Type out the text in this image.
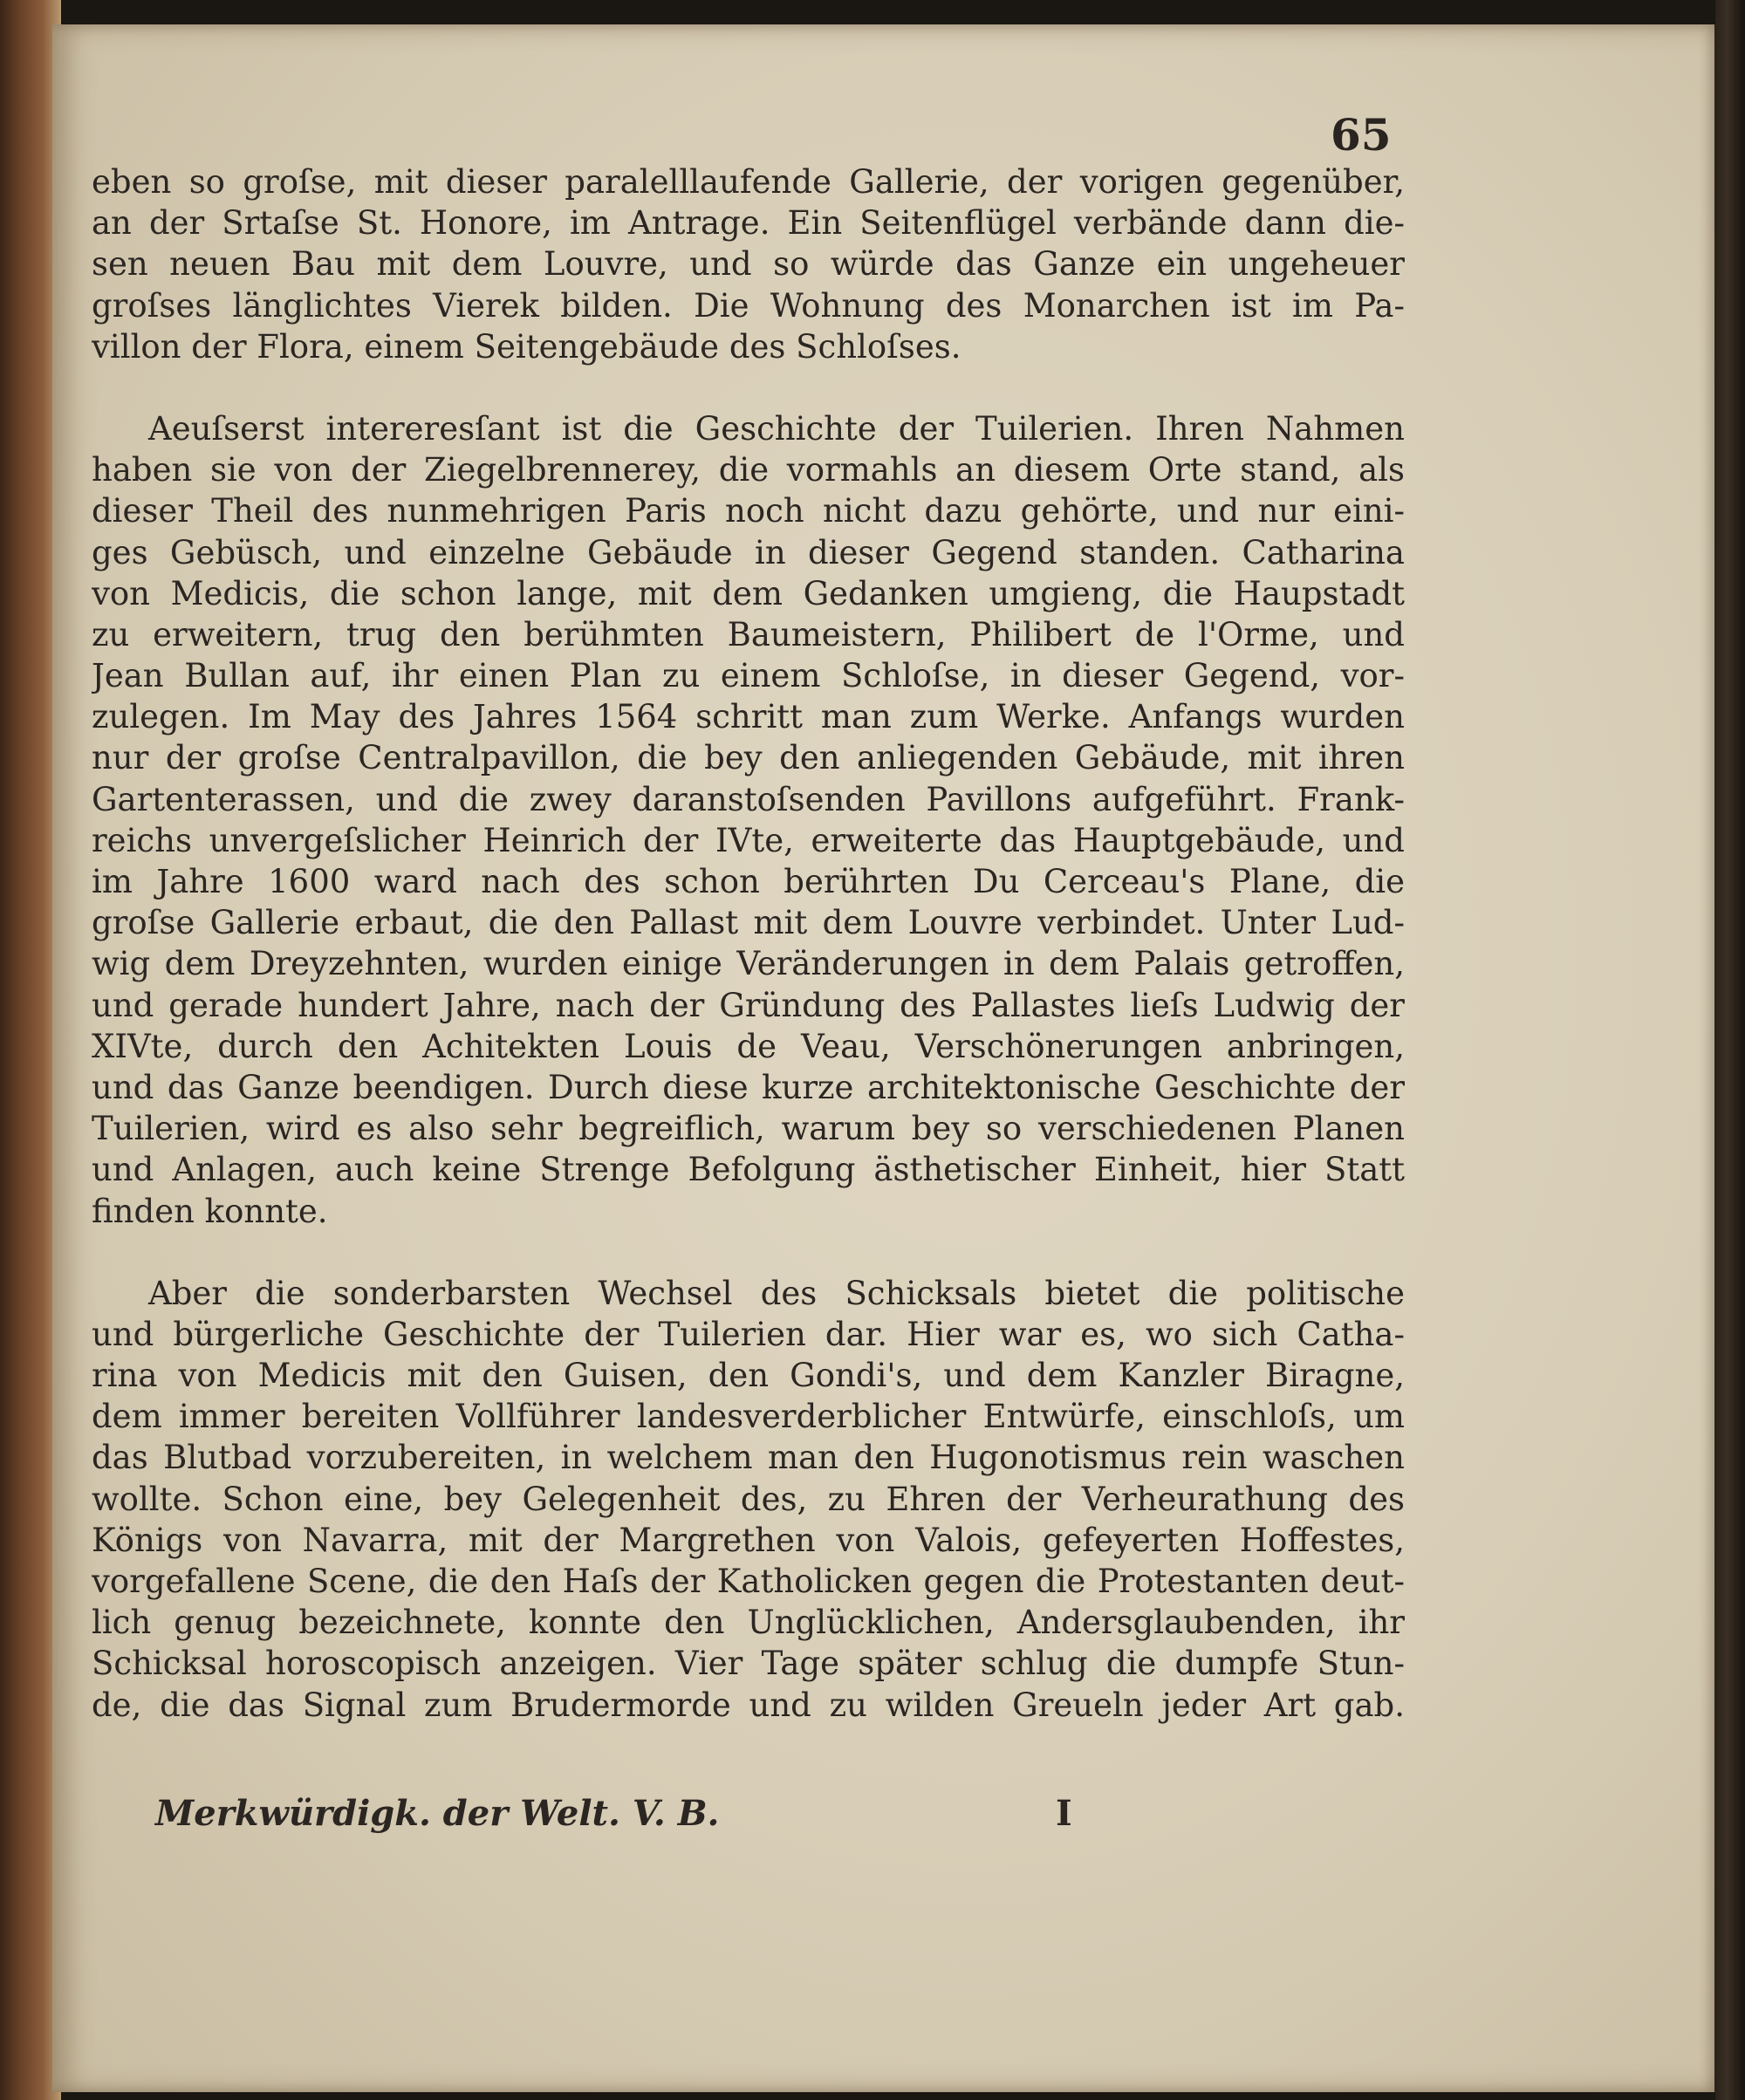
65
eben so groſse, mit dieser paralelllaufende Gallerie, der vorigen gegenüber,
an der Srtaſse St. Honore, im Antrage. Ein Seitenflügel verbände dann die-
sen neuen Bau mit dem Louvre, und so würde das Ganze ein ungeheuer
groſses länglichtes Vierek bilden. Die Wohnung des Monarchen ist im Pa-
villon der Flora, einem Seitengebäude des Schloſses.
Aeuſserst intereresſant ist die Geschichte der Tuilerien. Ihren Nahmen
haben sie von der Ziegelbrennerey, die vormahls an diesem Orte stand, als
dieser Theil des nunmehrigen Paris noch nicht dazu gehörte, und nur eini-
ges Gebüsch, und einzelne Gebäude in dieser Gegend standen. Catharina
von Medicis, die schon lange, mit dem Gedanken umgieng, die Haupstadt
zu erweitern, trug den berühmten Baumeistern, Philibert de l'Orme, und
Jean Bullan auf, ihr einen Plan zu einem Schloſse, in dieser Gegend, vor-
zulegen. Im May des Jahres 1564 schritt man zum Werke. Anfangs wurden
nur der groſse Centralpavillon, die bey den anliegenden Gebäude, mit ihren
Gartenterassen, und die zwey daranstoſsenden Pavillons aufgeführt. Frank-
reichs unvergeſslicher Heinrich der IVte, erweiterte das Hauptgebäude, und
im Jahre 1600 ward nach des schon berührten Du Cerceau's Plane, die
groſse Gallerie erbaut, die den Pallast mit dem Louvre verbindet. Unter Lud-
wig dem Dreyzehnten, wurden einige Veränderungen in dem Palais getroffen,
und gerade hundert Jahre, nach der Gründung des Pallastes lieſs Ludwig der
XIVte, durch den Achitekten Louis de Veau, Verschönerungen anbringen,
und das Ganze beendigen. Durch diese kurze architektonische Geschichte der
Tuilerien, wird es also sehr begreiflich, warum bey so verschiedenen Planen
und Anlagen, auch keine Strenge Befolgung ästhetischer Einheit, hier Statt
finden konnte.
Aber die sonderbarsten Wechsel des Schicksals bietet die politische
und bürgerliche Geschichte der Tuilerien dar. Hier war es, wo sich Catha-
rina von Medicis mit den Guisen, den Gondi's, und dem Kanzler Biragne,
dem immer bereiten Vollführer landesverderblicher Entwürfe, einschloſs, um
das Blutbad vorzubereiten, in welchem man den Hugonotismus rein waschen
wollte. Schon eine, bey Gelegenheit des, zu Ehren der Verheurathung des
Königs von Navarra, mit der Margrethen von Valois, gefeyerten Hoffestes,
vorgefallene Scene, die den Haſs der Katholicken gegen die Protestanten deut-
lich genug bezeichnete, konnte den Unglücklichen, Andersglaubenden, ihr
Schicksal horoscopisch anzeigen. Vier Tage später schlug die dumpfe Stun-
de, die das Signal zum Brudermorde und zu wilden Greueln jeder Art gab.
Merkwürdigk. der Welt. V. B.	I
